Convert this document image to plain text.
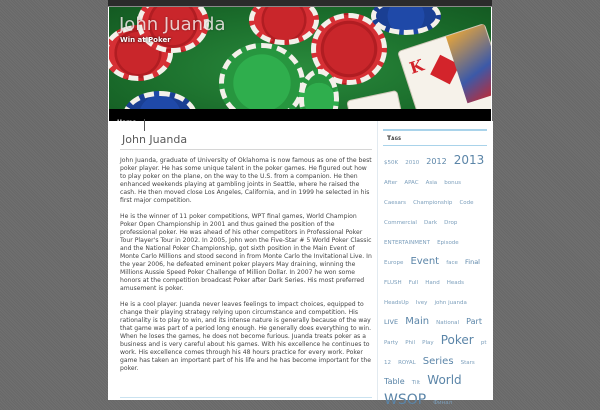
K
John Juanda
Win at Poker
Home
John Juanda

John Juanda, graduate of University of Oklahoma is now famous as one of the best poker player. He has some unique talent in the poker games. He figured out how to play poker on the plane, on the way to the U.S. from a companion. He then enhanced weekends playing at gambling joints in Seattle, where he raised the cash. He then moved close Los Angeles, California, and in 1999 he selected in his first major competition.

He is the winner of 11 poker competitions, WPT final games, World Champion Poker Open Championship in 2001 and thus gained the position of the professional poker. He was ahead of his other competitors in Professional Poker Tour Player's Tour in 2002. In 2005, John won the Five-Star # 5 World Poker Classic and the National Poker Championship, got sixth position in the Main Event of Monte Carlo Millions and stood second in from Monte Carlo the Invitational Live. In the year 2006, he defeated eminent poker players May draining, winning the Millions Aussie Speed Poker Challenge of Million Dollar. In 2007 he won some honors at the competition broadcast Poker after Dark Series. His most preferred amusement is poker.

He is a cool player. Juanda never leaves feelings to impact choices, equipped to change their playing strategy relying upon circumstance and competition. His rationality is to play to win, and its intense nature is generally because of the way that game was part of a period long enough. He generally does everything to win. When he loses the games, he does not become furious. Juanda treats poker as a business and is very careful about his games. With his excellence he continues to work. His excellence comes through his 48 hours practice for every work. Poker game has taken an important part of his life and he has become important for the poker.

Tags
$50K 2010 2012 2013 After APAC Asia bonus Caesars Championship Code Commercial Dark Drop ENTERTAINMENT Episode Europe Event face Final FLUSH Full Hand Heads HeadsUp Ivey john juanda LIVE Main National Part Party Phil Play Poker pt 12 ROYAL Series Stars Table Tilt World WSOP Финал
